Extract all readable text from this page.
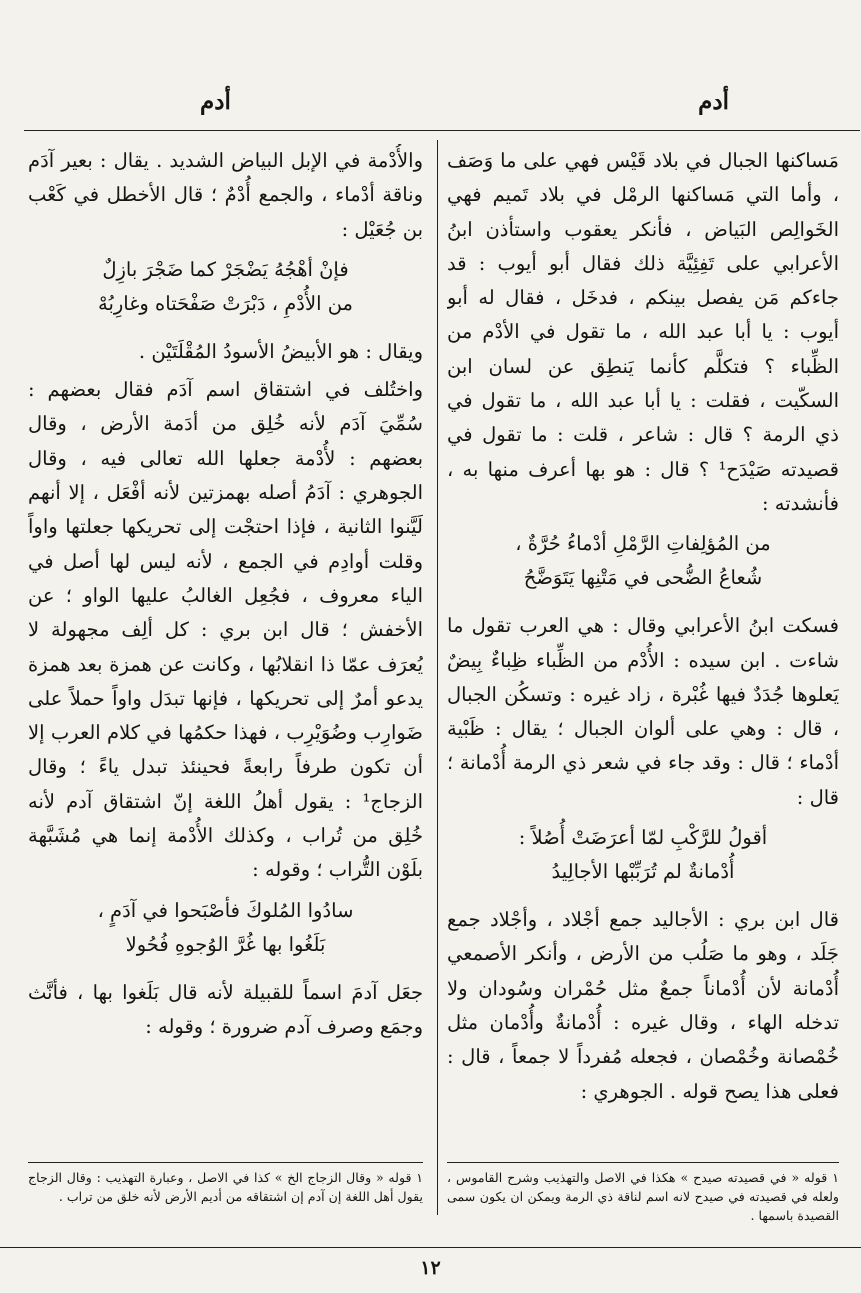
أدم
أدم

مَساكنها الجبال في بلاد قَيْس فهي على ما وَصَف ، وأما التي مَساكنها الرمْل في بلاد تَميم فهي الخَوالِص البَياض ، فأنكر يعقوب واستأذن ابنُ الأعرابي على تَفِئِيَّة ذلك فقال أبو أيوب : قد جاءكم مَن يفصل بينكم ، فدخَل ، فقال له أبو أيوب : يا أبا عبد الله ، ما تقول في الأدْم من الظِّباء ؟ فتكلَّم كأنما يَنطِق عن لسان ابن السكّيت ، فقلت : يا أبا عبد الله ، ما تقول في ذي الرمة ؟ قال : شاعر ، قلت : ما تقول في قصيدته صَيْدَح¹ ؟ قال : هو بها أعرف منها به ، فأنشدته :

من المُؤلِفاتِ الرَّمْلِ أدْماءُ حُرَّةٌ ،
شُعاعُ الضُّحى في مَتْنِها يَتَوَضَّحُ

فسكت ابنُ الأعرابي وقال : هي العرب تقول ما شاءت . ابن سيده : الأُدْم من الظِّباء ظِباءٌ بِيضٌ يَعلوها جُدَدٌ فيها غُبْرة ، زاد غيره : وتسكُن الجبال ، قال : وهي على ألوان الجبال ؛ يقال : ظَبْية أدْماء ؛ قال : وقد جاء في شعر ذي الرمة أُدْمانة ؛ قال :

أقولُ للرَّكْبِ لمّا أعرَضَتْ أُصُلاً :
أُدْمانةٌ لم تُرَبِّبْها الأجالِيدُ

قال ابن بري : الأجاليد جمع أجْلاد ، وأجْلاد جمع جَلَد ، وهو ما صَلُب من الأرض ، وأنكر الأصمعي أُدْمانة لأن أُدْماناً جمعٌ مثل حُمْران وسُودان ولا تدخله الهاء ، وقال غيره : أُدْمانةٌ وأُدْمان مثل خُمْصانة وخُمْصان ، فجعله مُفرداً لا جمعاً ، قال : فعلى هذا يصح قوله . الجوهري :

والأُدْمة في الإبل البياض الشديد . يقال : بعير آدَم وناقة أدْماء ، والجمع أُدْمٌ ؛ قال الأخطل في كَعْب بن جُعَيْل :

فإنْ أهْجُهُ يَضْجَرْ كما ضَجْرَ بازِلٌ
من الأُدْمِ ، دَبْرَتْ صَفْحَتاه وغارِبُهْ

ويقال : هو الأبيضُ الأسودُ المُقْلَتَيْن .

واختُلف في اشتقاق اسم آدَم فقال بعضهم : سُمِّيَ آدَم لأنه خُلِق من أدَمة الأرض ، وقال بعضهم : لأُدْمة جعلها الله تعالى فيه ، وقال الجوهري : آدَمُ أصله بهمزتين لأنه أفْعَل ، إلا أنهم لَيَّنوا الثانية ، فإذا احتجْت إلى تحريكها جعلتها واواً وقلت أوادِم في الجمع ، لأنه ليس لها أصل في الياء معروف ، فجُعِل الغالبُ عليها الواو ؛ عن الأخفش ؛ قال ابن بري : كل ألِف مجهولة لا يُعرَف عمّا ذا انقلابُها ، وكانت عن همزة بعد همزة يدعو أمرٌ إلى تحريكها ، فإنها تبدَل واواً حملاً على ضَوارِب وضُوَيْرِب ، فهذا حكمُها في كلام العرب إلا أن تكون طرفاً رابعةً فحينئذ تبدل ياءً ؛ وقال الزجاج¹ : يقول أهلُ اللغة إنّ اشتقاق آدم لأنه خُلِق من تُراب ، وكذلك الأُدْمة إنما هي مُشَبَّهة بلَوْن التُّراب ؛ وقوله :

سادُوا المُلوكَ فأصْبَحوا في آدَمٍ ،
بَلَغُوا بها غُرَّ الوُجوهِ فُحُولا

جعَل آدمَ اسماً للقبيلة لأنه قال بَلَغوا بها ، فأنَّث وجمَع وصرف آدم ضرورة ؛ وقوله :

١ قوله « في قصيدته صيدح » هكذا في الاصل والتهذيب وشرح القاموس ، ولعله في قصيدته في صيدح لانه اسم لناقة ذي الرمة ويمكن ان يكون سمى القصيدة باسمها .
١ قوله « وقال الزجاج الخ » كذا في الاصل ، وعبارة التهذيب : وقال الزجاج يقول أهل اللغة إن آدم إن اشتقاقه من أديم الأرض لأنه خلق من تراب .
١٢
